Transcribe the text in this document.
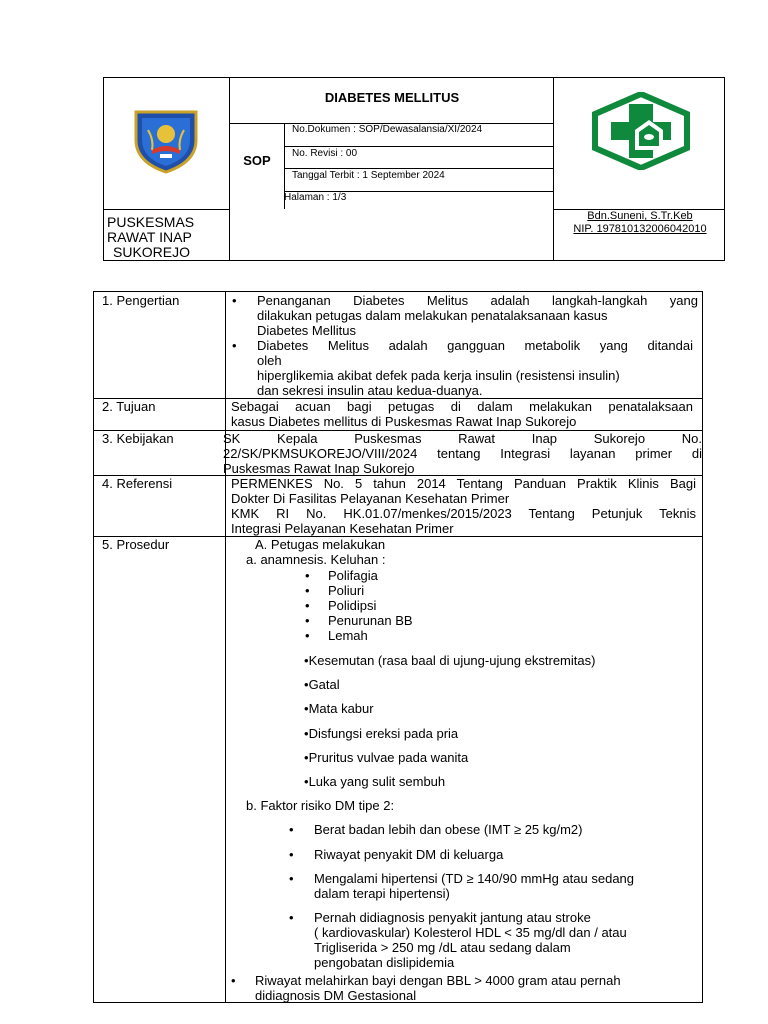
PUSKESMAS
RAWAT INAP
SUKOREJO
DIABETES MELLITUS
SOP
No.Dokumen : SOP/Dewasalansia/XI/2024
No. Revisi : 00
Tanggal Terbit : 1 September 2024
Halaman : 1/3
Bdn.Suneni, S.Tr.Keb
NIP. 197810132006042010
1. Pengertian	• Penanganan Diabetes Melitus adalah langkah-langkah yang
dilakukan petugas dalam melakukan penatalaksanaan kasus
Diabetes Mellitus
• Diabetes Melitus adalah gangguan metabolik yang ditandai
oleh
hiperglikemia akibat defek pada kerja insulin (resistensi insulin)
dan sekresi insulin atau kedua-duanya.
2. Tujuan	Sebagai acuan bagi petugas di dalam melakukan penatalaksaan
kasus Diabetes mellitus di Puskesmas Rawat Inap Sukorejo
3. Kebijakan	SK Kepala Puskesmas Rawat Inap Sukorejo No.
22/SK/PKMSUKOREJO/VIII/2024 tentang Integrasi layanan primer di
Puskesmas Rawat Inap Sukorejo
4. Referensi	PERMENKES No. 5 tahun 2014 Tentang Panduan Praktik Klinis Bagi
Dokter Di Fasilitas Pelayanan Kesehatan Primer
KMK RI No. HK.01.07/menkes/2015/2023 Tentang Petunjuk Teknis
Integrasi Pelayanan Kesehatan Primer
5. Prosedur	A. Petugas melakukan
a. anamnesis. Keluhan :
• Polifagia
• Poliuri
• Polidipsi
• Penurunan BB
• Lemah
•Kesemutan (rasa baal di ujung-ujung ekstremitas)
•Gatal
•Mata kabur
•Disfungsi ereksi pada pria
•Pruritus vulvae pada wanita
•Luka yang sulit sembuh
b. Faktor risiko DM tipe 2:
• Berat badan lebih dan obese (IMT ≥ 25 kg/m2)
• Riwayat penyakit DM di keluarga
• Mengalami hipertensi (TD ≥ 140/90 mmHg atau sedang
dalam terapi hipertensi)
• Pernah didiagnosis penyakit jantung atau stroke
( kardiovaskular) Kolesterol HDL < 35 mg/dl dan / atau
Trigliserida > 250 mg /dL atau sedang dalam
pengobatan dislipidemia
• Riwayat melahirkan bayi dengan BBL > 4000 gram atau pernah
didiagnosis DM Gestasional
